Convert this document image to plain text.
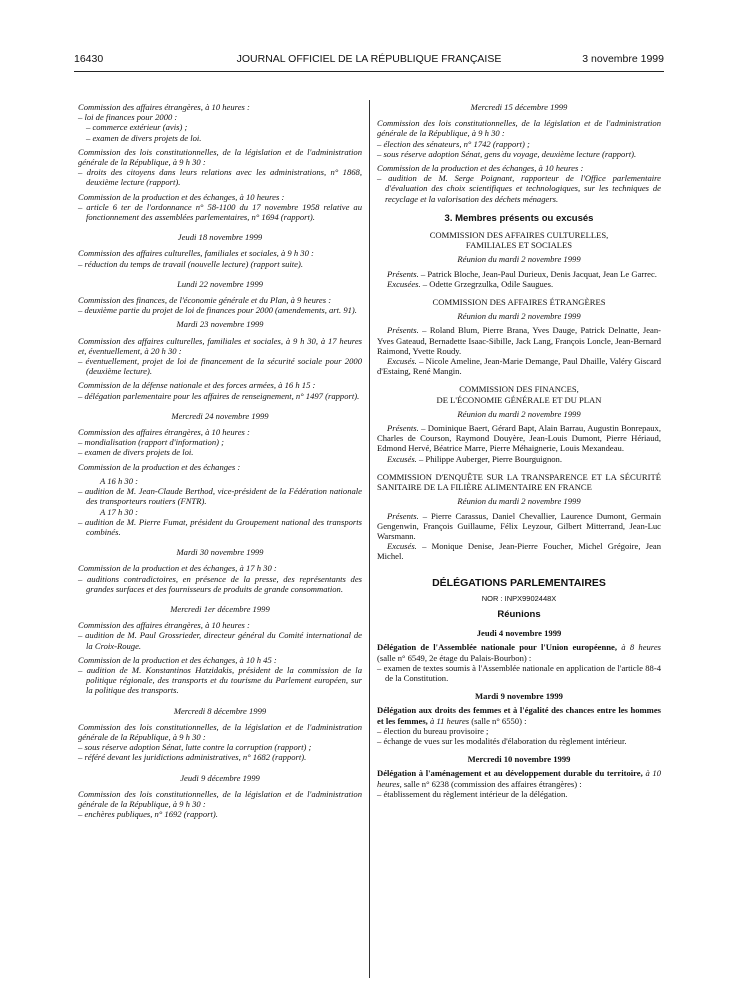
16430	JOURNAL OFFICIEL DE LA RÉPUBLIQUE FRANÇAISE	3 novembre 1999

Commission des affaires étrangères, à 10 heures :

– loi de finances pour 2000 :

– commerce extérieur (avis) ;

– examen de divers projets de loi.

Commission des lois constitutionnelles, de la législation et de l'administration générale de la République, à 9 h 30 :

– droits des citoyens dans leurs relations avec les administrations, n° 1868, deuxième lecture (rapport).

Commission de la production et des échanges, à 10 heures :

– article 6 ter de l'ordonnance n° 58-1100 du 17 novembre 1958 relative au fonctionnement des assemblées parlementaires, n° 1694 (rapport).

Jeudi 18 novembre 1999

Commission des affaires culturelles, familiales et sociales, à 9 h 30 :

– réduction du temps de travail (nouvelle lecture) (rapport suite).

Lundi 22 novembre 1999

Commission des finances, de l'économie générale et du Plan, à 9 heures :

– deuxième partie du projet de loi de finances pour 2000 (amendements, art. 91).

Mardi 23 novembre 1999

Commission des affaires culturelles, familiales et sociales, à 9 h 30, à 17 heures et, éventuellement, à 20 h 30 :

– éventuellement, projet de loi de financement de la sécurité sociale pour 2000 (deuxième lecture).

Commission de la défense nationale et des forces armées, à 16 h 15 :

– délégation parlementaire pour les affaires de renseignement, n° 1497 (rapport).

Mercredi 24 novembre 1999

Commission des affaires étrangères, à 10 heures :

– mondialisation (rapport d'information) ;

– examen de divers projets de loi.

Commission de la production et des échanges :

A 16 h 30 :

– audition de M. Jean-Claude Berthod, vice-président de la Fédération nationale des transporteurs routiers (FNTR).

A 17 h 30 :

– audition de M. Pierre Fumat, président du Groupement national des transports combinés.

Mardi 30 novembre 1999

Commission de la production et des échanges, à 17 h 30 :

– auditions contradictoires, en présence de la presse, des représentants des grandes surfaces et des fournisseurs de produits de grande consommation.

Mercredi 1er décembre 1999

Commission des affaires étrangères, à 10 heures :

– audition de M. Paul Grossrieder, directeur général du Comité international de la Croix-Rouge.

Commission de la production et des échanges, à 10 h 45 :

– audition de M. Konstantinos Hatzidakis, président de la commission de la politique régionale, des transports et du tourisme du Parlement européen, sur la politique des transports.

Mercredi 8 décembre 1999

Commission des lois constitutionnelles, de la législation et de l'administration générale de la République, à 9 h 30 :

– sous réserve adoption Sénat, lutte contre la corruption (rapport) ;

– référé devant les juridictions administratives, n° 1682 (rapport).

Jeudi 9 décembre 1999

Commission des lois constitutionnelles, de la législation et de l'administration générale de la République, à 9 h 30 :

– enchères publiques, n° 1692 (rapport).

Mercredi 15 décembre 1999

Commission des lois constitutionnelles, de la législation et de l'administration générale de la République, à 9 h 30 :

– élection des sénateurs, n° 1742 (rapport) ;

– sous réserve adoption Sénat, gens du voyage, deuxième lecture (rapport).

Commission de la production et des échanges, à 10 heures :

– audition de M. Serge Poignant, rapporteur de l'Office parlementaire d'évaluation des choix scientifiques et technologiques, sur les techniques de recyclage et la valorisation des déchets ménagers.

3. Membres présents ou excusés

COMMISSION DES AFFAIRES CULTURELLES,

FAMILIALES ET SOCIALES

Réunion du mardi 2 novembre 1999

Présents. – Patrick Bloche, Jean-Paul Durieux, Denis Jacquat, Jean Le Garrec.

Excusées. – Odette Grzegrzulka, Odile Saugues.

COMMISSION DES AFFAIRES ÉTRANGÈRES

Réunion du mardi 2 novembre 1999

Présents. – Roland Blum, Pierre Brana, Yves Dauge, Patrick Delnatte, Jean-Yves Gateaud, Bernadette Isaac-Sibille, Jack Lang, François Loncle, Jean-Bernard Raimond, Yvette Roudy.

Excusés. – Nicole Ameline, Jean-Marie Demange, Paul Dhaille, Valéry Giscard d'Estaing, René Mangin.

COMMISSION DES FINANCES,

DE L'ÉCONOMIE GÉNÉRALE ET DU PLAN

Réunion du mardi 2 novembre 1999

Présents. – Dominique Baert, Gérard Bapt, Alain Barrau, Augustin Bonrepaux, Charles de Courson, Raymond Douyère, Jean-Louis Dumont, Pierre Hériaud, Edmond Hervé, Béatrice Marre, Pierre Méhaignerie, Louis Mexandeau.

Excusés. – Philippe Auberger, Pierre Bourguignon.

COMMISSION D'ENQUÊTE SUR LA TRANSPARENCE ET LA SÉCURITÉ SANITAIRE DE LA FILIÈRE ALIMENTAIRE EN FRANCE

Réunion du mardi 2 novembre 1999

Présents. – Pierre Carassus, Daniel Chevallier, Laurence Dumont, Germain Gengenwin, François Guillaume, Félix Leyzour, Gilbert Mitterrand, Jean-Luc Warsmann.

Excusés. – Monique Denise, Jean-Pierre Foucher, Michel Grégoire, Jean Michel.

DÉLÉGATIONS PARLEMENTAIRES

NOR : INPX9902448X

Réunions

Jeudi 4 novembre 1999

Délégation de l'Assemblée nationale pour l'Union européenne, à 8 heures (salle n° 6549, 2e étage du Palais-Bourbon) :

– examen de textes soumis à l'Assemblée nationale en application de l'article 88-4 de la Constitution.

Mardi 9 novembre 1999

Délégation aux droits des femmes et à l'égalité des chances entre les hommes et les femmes, à 11 heures (salle n° 6550) :

– élection du bureau provisoire ;

– échange de vues sur les modalités d'élaboration du règlement intérieur.

Mercredi 10 novembre 1999

Délégation à l'aménagement et au développement durable du territoire, à 10 heures, salle n° 6238 (commission des affaires étrangères) :

– établissement du règlement intérieur de la délégation.
